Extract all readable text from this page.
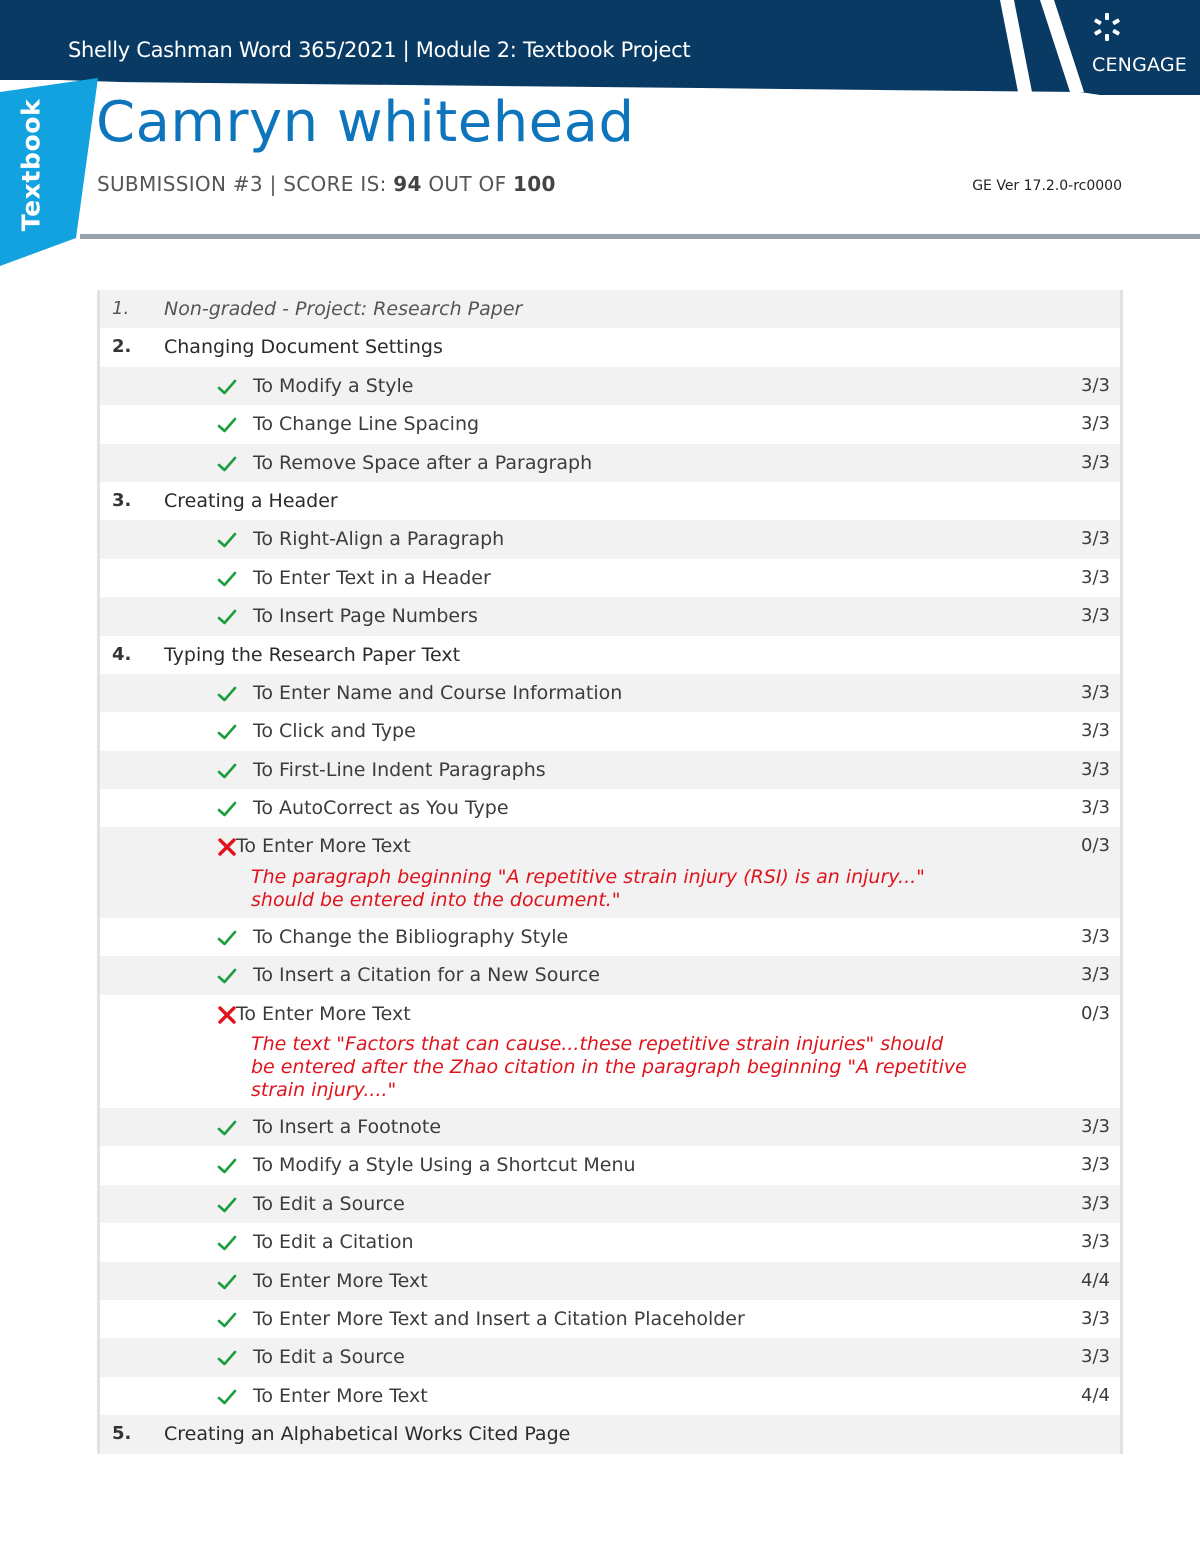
Shelly Cashman Word 365/2021 | Module 2: Textbook Project
CENGAGE
Textbook Camryn whitehead
SUBMISSION #3 | SCORE IS: 94 OUT OF 100	GE Ver 17.2.0-rc0000
1. Non-graded - Project: Research Paper
2. Changing Document Settings
To Modify a Style	3/3
To Change Line Spacing	3/3
To Remove Space after a Paragraph	3/3
3. Creating a Header
To Right-Align a Paragraph	3/3
To Enter Text in a Header	3/3
To Insert Page Numbers	3/3
4. Typing the Research Paper Text
To Enter Name and Course Information	3/3
To Click and Type	3/3
To First-Line Indent Paragraphs	3/3
To AutoCorrect as You Type	3/3
To Enter More Text	0/3
The paragraph beginning "A repetitive strain injury (RSI) is an injury..." should be entered into the document."
To Change the Bibliography Style	3/3
To Insert a Citation for a New Source	3/3
To Enter More Text	0/3
The text "Factors that can cause...these repetitive strain injuries" should be entered after the Zhao citation in the paragraph beginning "A repetitive strain injury...."
To Insert a Footnote	3/3
To Modify a Style Using a Shortcut Menu	3/3
To Edit a Source	3/3
To Edit a Citation	3/3
To Enter More Text	4/4
To Enter More Text and Insert a Citation Placeholder	3/3
To Edit a Source	3/3
To Enter More Text	4/4
5. Creating an Alphabetical Works Cited Page
